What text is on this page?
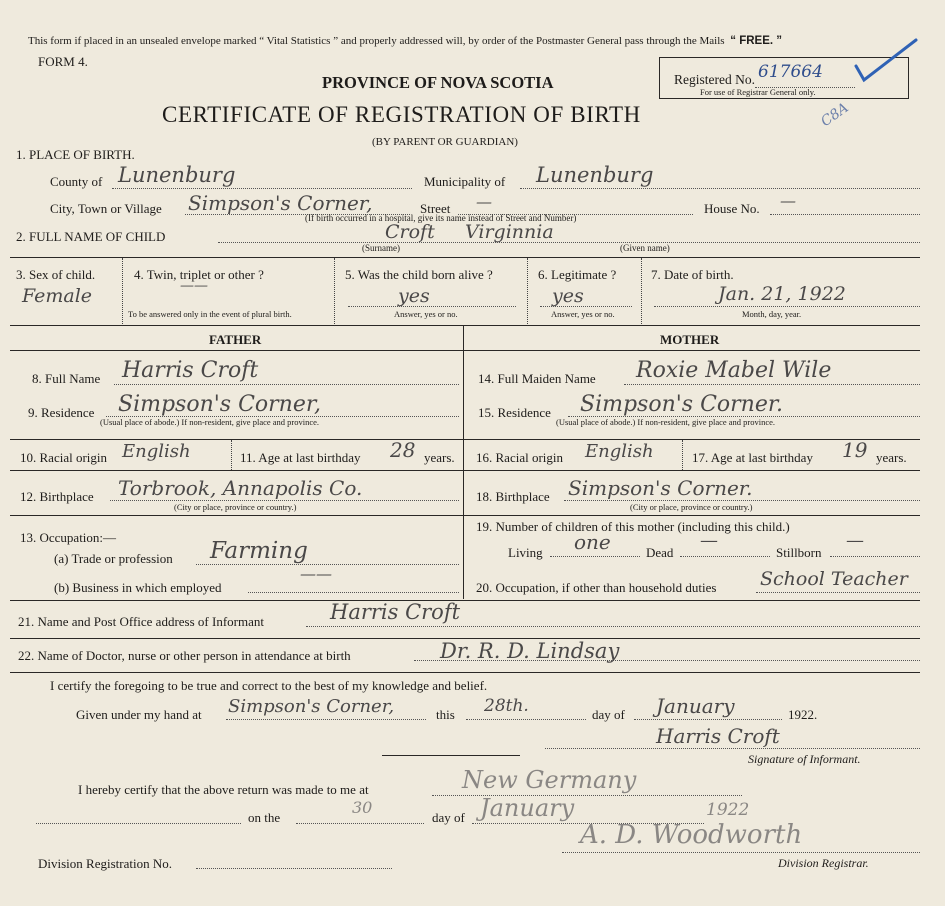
This form if placed in an unsealed envelope marked “ Vital Statistics ” and properly addressed will, by order of the Postmaster General pass through the Mails “ FREE. ”
FORM 4.
PROVINCE OF NOVA SCOTIA
CERTIFICATE OF REGISTRATION OF BIRTH
(BY PARENT OR GUARDIAN)
Registered No. 617664
For use of Registrar General only.
C8A
1. PLACE OF BIRTH.
County of Lunenburg	Municipality of Lunenburg
City, Town or Village Simpson's Corner,	Street —	House No. —
(If birth occurred in a hospital, give its name instead of Street and Number)
2. FULL NAME OF CHILD	Croft Virginnia
(Surname)	(Given name)
3. Sex of child.
Female
4. Twin, triplet or other ?
——
To be answered only in the event of plural birth.
5. Was the child born alive ?
yes
Answer, yes or no.
6. Legitimate ?
yes
Answer, yes or no.
7. Date of birth.
Jan. 21, 1922
Month, day, year.
FATHER
8. Full Name Harris Croft
9. Residence Simpson's Corner,
(Usual place of abode.) If non-resident, give place and province.
10. Racial origin English	11. Age at last birthday 28 years.
12. Birthplace Torbrook, Annapolis Co.
(City or place, province or country.)
13. Occupation:—
(a) Trade or profession Farming
(b) Business in which employed
——
MOTHER
14. Full Maiden Name Roxie Mabel Wile
15. Residence Simpson's Corner.
(Usual place of abode.) If non-resident, give place and province.
16. Racial origin English	17. Age at last birthday 19 years.
18. Birthplace Simpson's Corner.
(City or place, province or country.)
19. Number of children of this mother (including this child.)
Living one	Dead
—
Stillborn
—
20. Occupation, if other than household duties School Teacher
21. Name and Post Office address of Informant	Harris Croft
22. Name of Doctor, nurse or other person in attendance at birth	Dr. R. D. Lindsay
I certify the foregoing to be true and correct to the best of my knowledge and belief.
Given under my hand at Simpson's Corner,	this 28th.	day of January	1922.
Harris Croft
Signature of Informant.
I hereby certify that the above return was made to me at	New Germany
on the
30
day of January	1922
Division Registration No.
A. D. Woodworth
Division Registrar.
